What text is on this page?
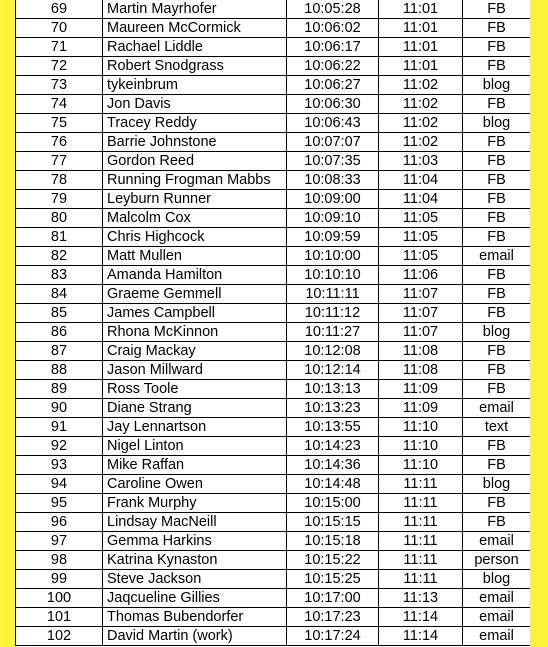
69	Martin Mayrhofer	10:05:28	11:01	FB
70	Maureen McCormick	10:06:02	11:01	FB
71	Rachael Liddle	10:06:17	11:01	FB
72	Robert Snodgrass	10:06:22	11:01	FB
73	tykeinbrum	10:06:27	11:02	blog
74	Jon Davis	10:06:30	11:02	FB
75	Tracey Reddy	10:06:43	11:02	blog
76	Barrie Johnstone	10:07:07	11:02	FB
77	Gordon Reed	10:07:35	11:03	FB
78	Running Frogman Mabbs	10:08:33	11:04	FB
79	Leyburn Runner	10:09:00	11:04	FB
80	Malcolm Cox	10:09:10	11:05	FB
81	Chris Highcock	10:09:59	11:05	FB
82	Matt Mullen	10:10:00	11:05	email
83	Amanda Hamilton	10:10:10	11:06	FB
84	Graeme Gemmell	10:11:11	11:07	FB
85	James Campbell	10:11:12	11:07	FB
86	Rhona McKinnon	10:11:27	11:07	blog
87	Craig Mackay	10:12:08	11:08	FB
88	Jason Millward	10:12:14	11:08	FB
89	Ross Toole	10:13:13	11:09	FB
90	Diane Strang	10:13:23	11:09	email
91	Jay Lennartson	10:13:55	11:10	text
92	Nigel Linton	10:14:23	11:10	FB
93	Mike Raffan	10:14:36	11:10	FB
94	Caroline Owen	10:14:48	11:11	blog
95	Frank Murphy	10:15:00	11:11	FB
96	Lindsay MacNeill	10:15:15	11:11	FB
97	Gemma Harkins	10:15:18	11:11	email
98	Katrina Kynaston	10:15:22	11:11	person
99	Steve Jackson	10:15:25	11:11	blog
100	Jaqcueline Gillies	10:17:00	11:13	email
101	Thomas Bubendorfer	10:17:23	11:14	email
102	David Martin (work)	10:17:24	11:14	email
